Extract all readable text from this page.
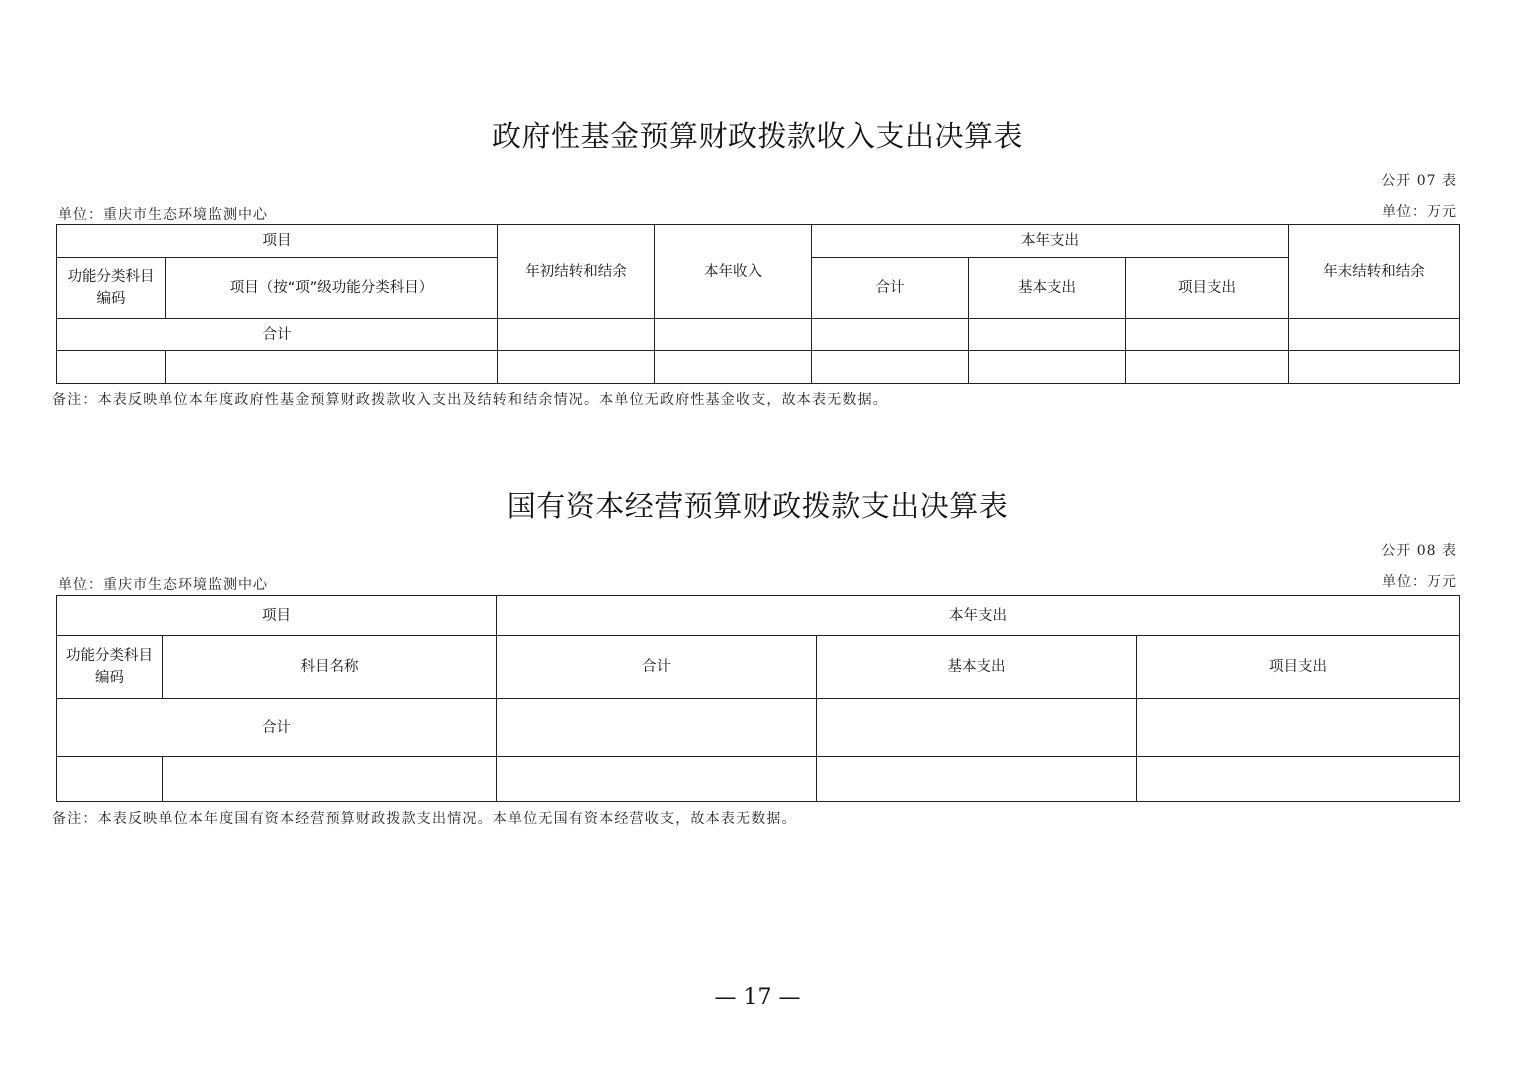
政府性基金预算财政拨款收入支出决算表
公开 07 表
单位：重庆市生态环境监测中心	单位：万元
项目		年初结转和结余	本年收入	本年支出			年末结转和结余
功能分类科目编码	项目（按“项”级功能分类科目）			合计	基本支出	项目支出	
合计							

备注：本表反映单位本年度政府性基金预算财政拨款收入支出及结转和结余情况。本单位无政府性基金收支，故本表无数据。
国有资本经营预算财政拨款支出决算表
公开 08 表
单位：重庆市生态环境监测中心	单位：万元
项目		本年支出		
功能分类科目编码	科目名称	合计	基本支出	项目支出
合计				

备注：本表反映单位本年度国有资本经营预算财政拨款支出情况。本单位无国有资本经营收支，故本表无数据。
— 17 —
